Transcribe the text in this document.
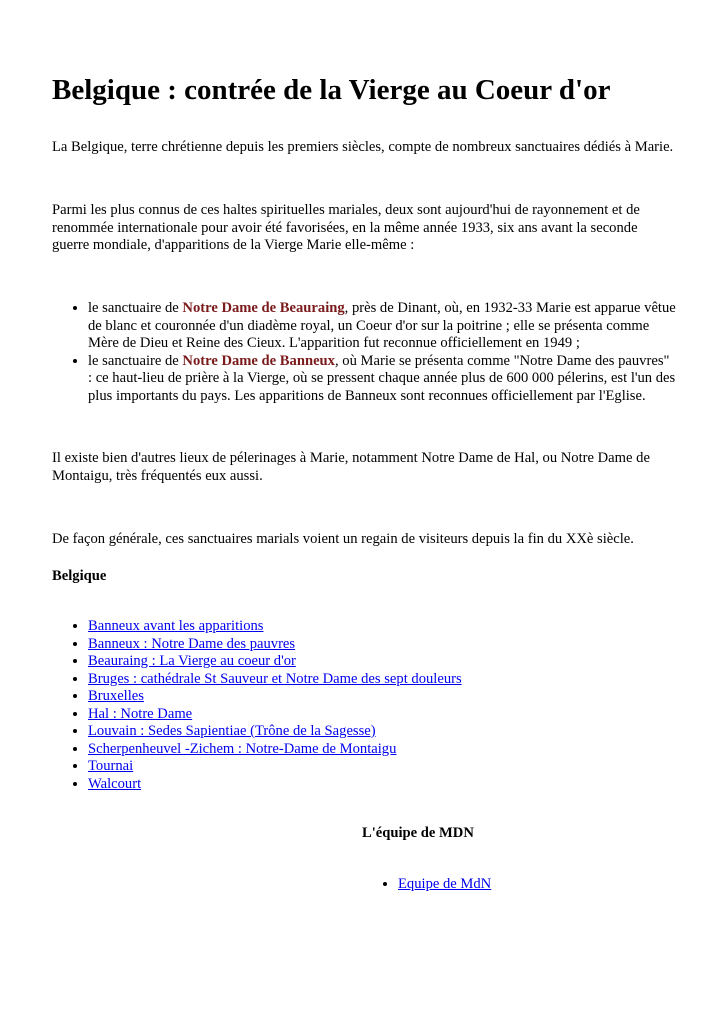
Belgique : contrée de la Vierge au Coeur d'or

La Belgique, terre chrétienne depuis les premiers siècles, compte de nombreux sanctuaires dédiés à Marie.

Parmi les plus connus de ces haltes spirituelles mariales, deux sont aujourd'hui de rayonnement et de renommée internationale pour avoir été favorisées, en la même année 1933, six ans avant la seconde guerre mondiale, d'apparitions de la Vierge Marie elle-même :

• le sanctuaire de Notre Dame de Beauraing, près de Dinant, où, en 1932-33 Marie est apparue vêtue de blanc et couronnée d'un diadème royal, un Coeur d'or sur la poitrine ; elle se présenta comme Mère de Dieu et Reine des Cieux. L'apparition fut reconnue officiellement en 1949 ;
• le sanctuaire de Notre Dame de Banneux, où Marie se présenta comme "Notre Dame des pauvres" : ce haut-lieu de prière à la Vierge, où se pressent chaque année plus de 600 000 pélerins, est l'un des plus importants du pays. Les apparitions de Banneux sont reconnues officiellement par l'Eglise.

Il existe bien d'autres lieux de pélerinages à Marie, notamment Notre Dame de Hal, ou Notre Dame de Montaigu, très fréquentés eux aussi.

De façon générale, ces sanctuaires marials voient un regain de visiteurs depuis la fin du XXè siècle.

Belgique

• Banneux avant les apparitions
• Banneux : Notre Dame des pauvres
• Beauraing : La Vierge au coeur d'or
• Bruges : cathédrale St Sauveur et Notre Dame des sept douleurs
• Bruxelles
• Hal : Notre Dame
• Louvain : Sedes Sapientiae (Trône de la Sagesse)
• Scherpenheuvel -Zichem : Notre-Dame de Montaigu
• Tournai
• Walcourt

L'équipe de MDN

• Equipe de MdN
